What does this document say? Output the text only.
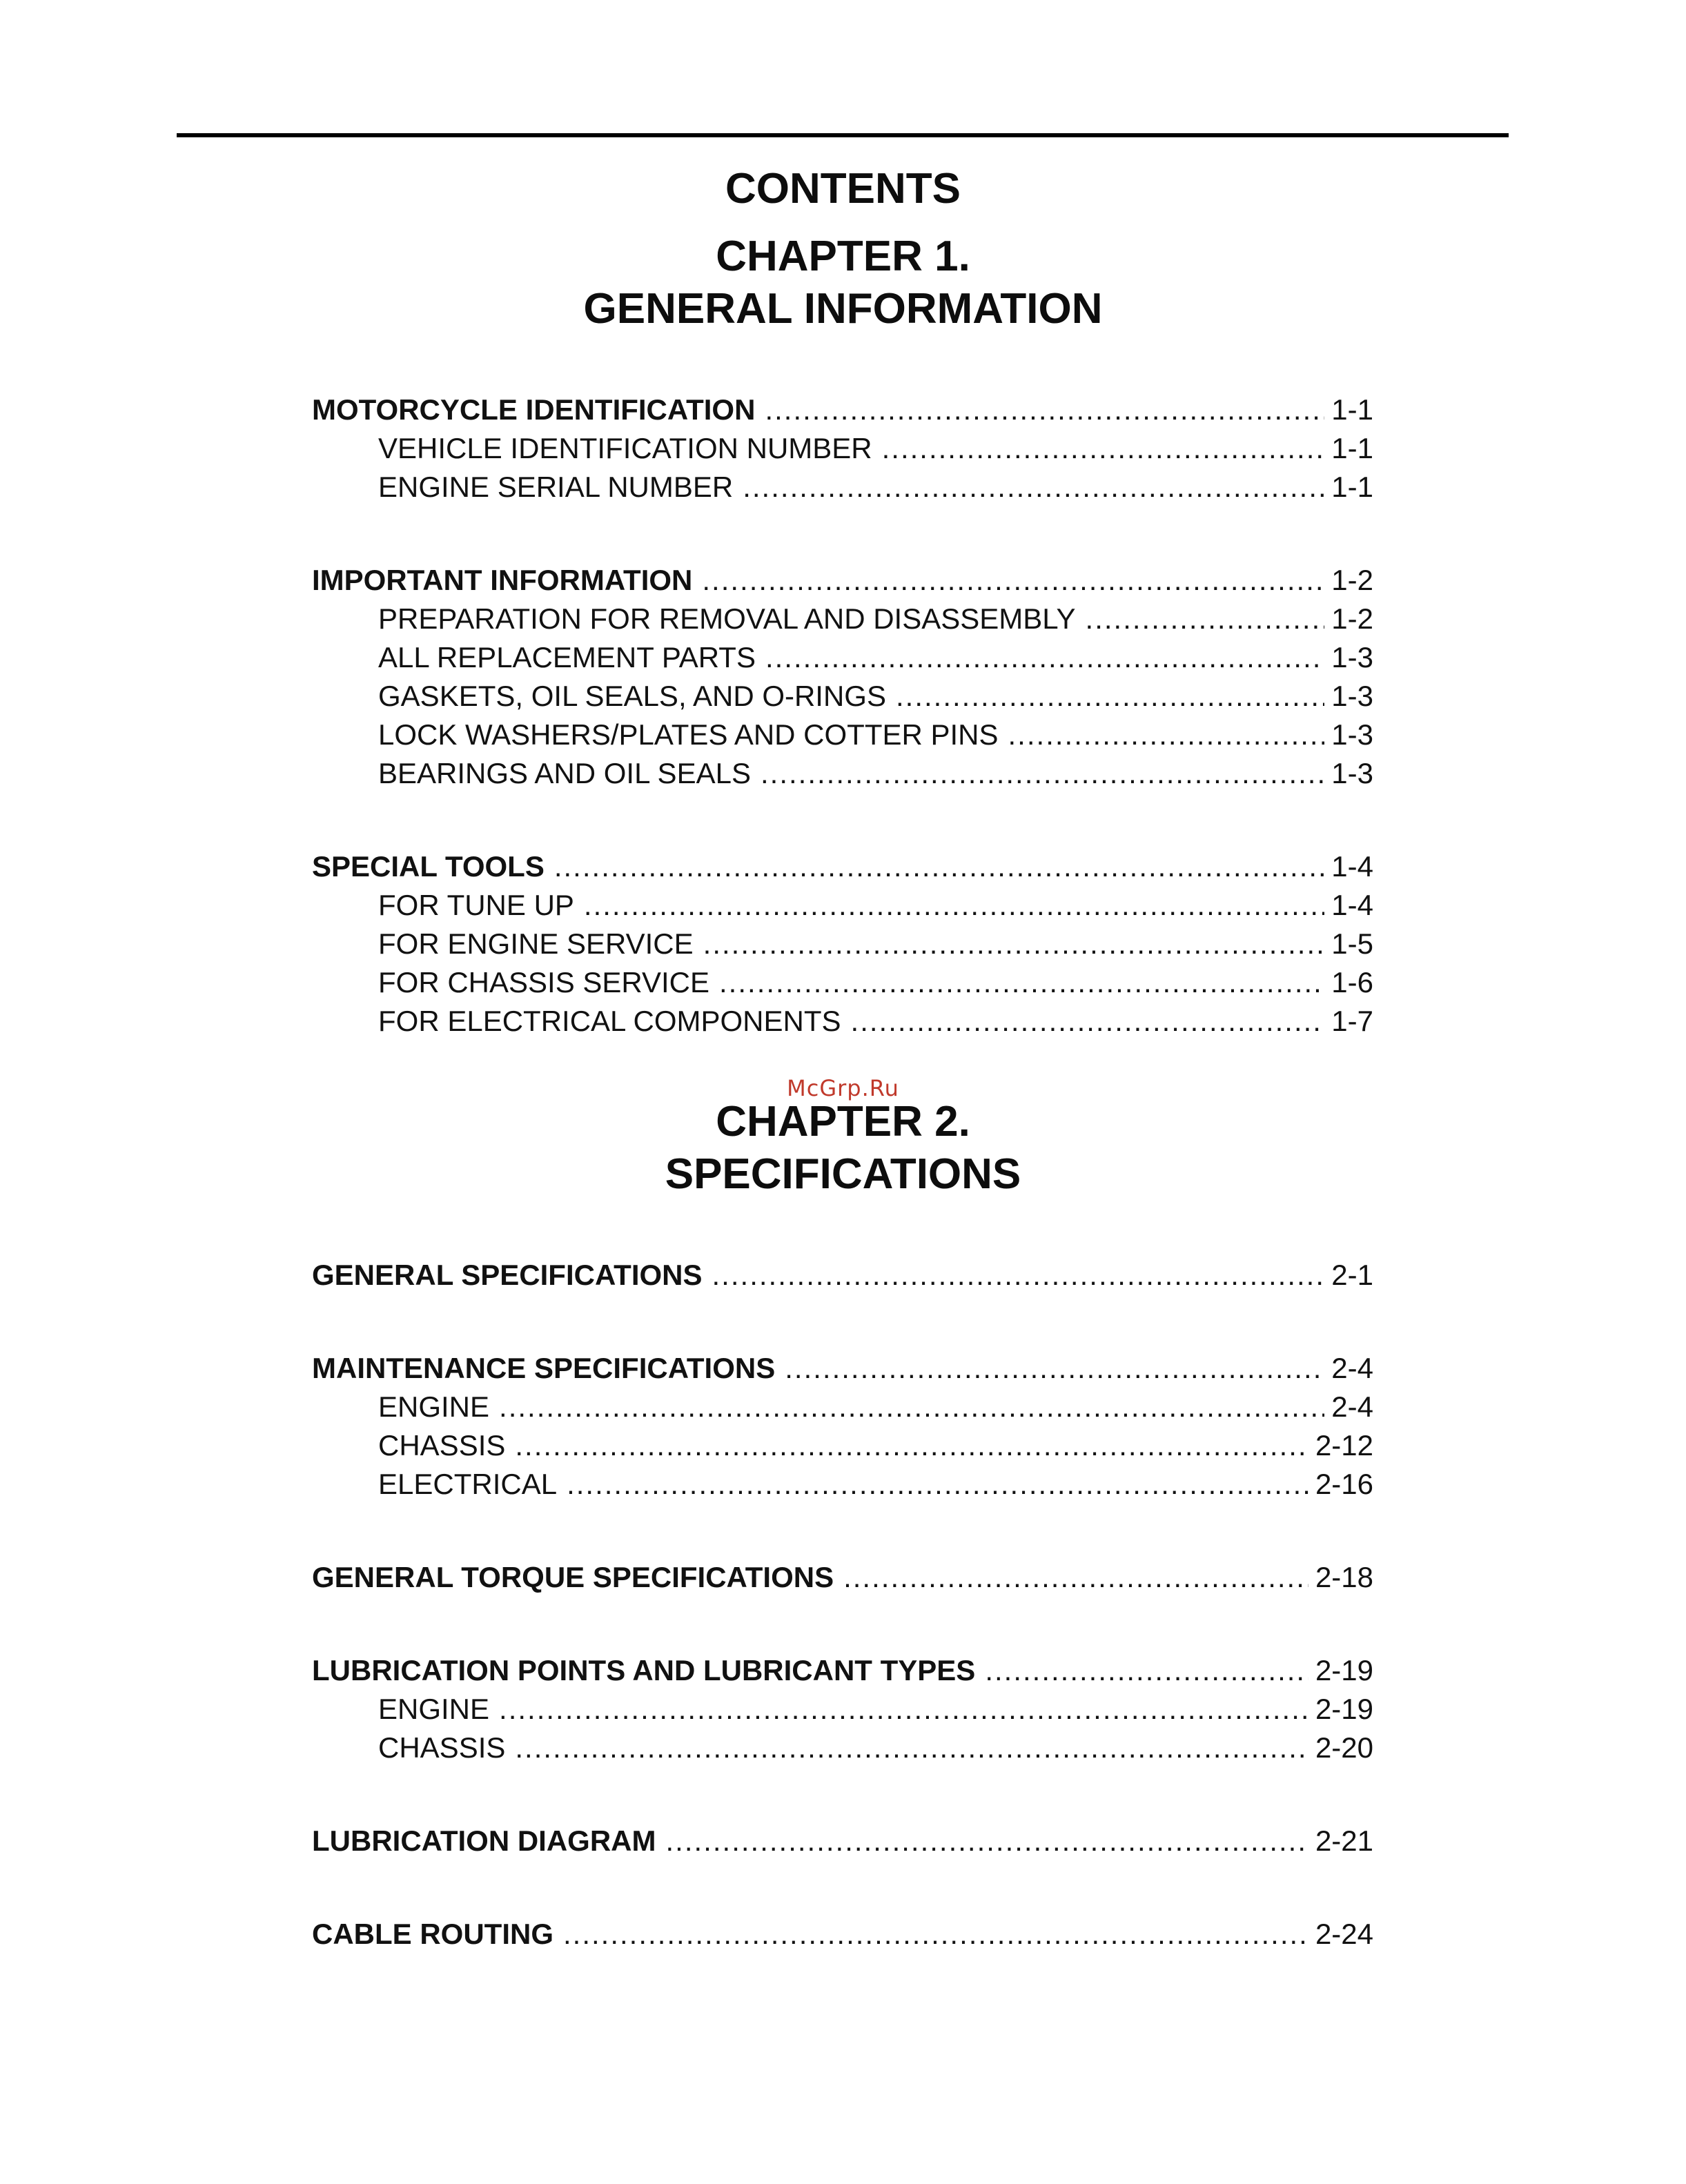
CONTENTS
CHAPTER 1.
GENERAL INFORMATION
MOTORCYCLE IDENTIFICATION .....	1-1
VEHICLE IDENTIFICATION NUMBER .....	1-1
ENGINE SERIAL NUMBER .....	1-1
IMPORTANT INFORMATION .....	1-2
PREPARATION FOR REMOVAL AND DISASSEMBLY .....	1-2
ALL REPLACEMENT PARTS .....	1-3
GASKETS, OIL SEALS, AND O-RINGS .....	1-3
LOCK WASHERS/PLATES AND COTTER PINS .....	1-3
BEARINGS AND OIL SEALS .....	1-3
SPECIAL TOOLS .....	1-4
FOR TUNE UP .....	1-4
FOR ENGINE SERVICE .....	1-5
FOR CHASSIS SERVICE .....	1-6
FOR ELECTRICAL COMPONENTS .....	1-7
McGrp.Ru
CHAPTER 2.
SPECIFICATIONS
GENERAL SPECIFICATIONS .....	2-1
MAINTENANCE SPECIFICATIONS .....	2-4
ENGINE .....	2-4
CHASSIS .....	2-12
ELECTRICAL .....	2-16
GENERAL TORQUE SPECIFICATIONS .....	2-18
LUBRICATION POINTS AND LUBRICANT TYPES .....	2-19
ENGINE .....	2-19
CHASSIS .....	2-20
LUBRICATION DIAGRAM .....	2-21
CABLE ROUTING .....	2-24
